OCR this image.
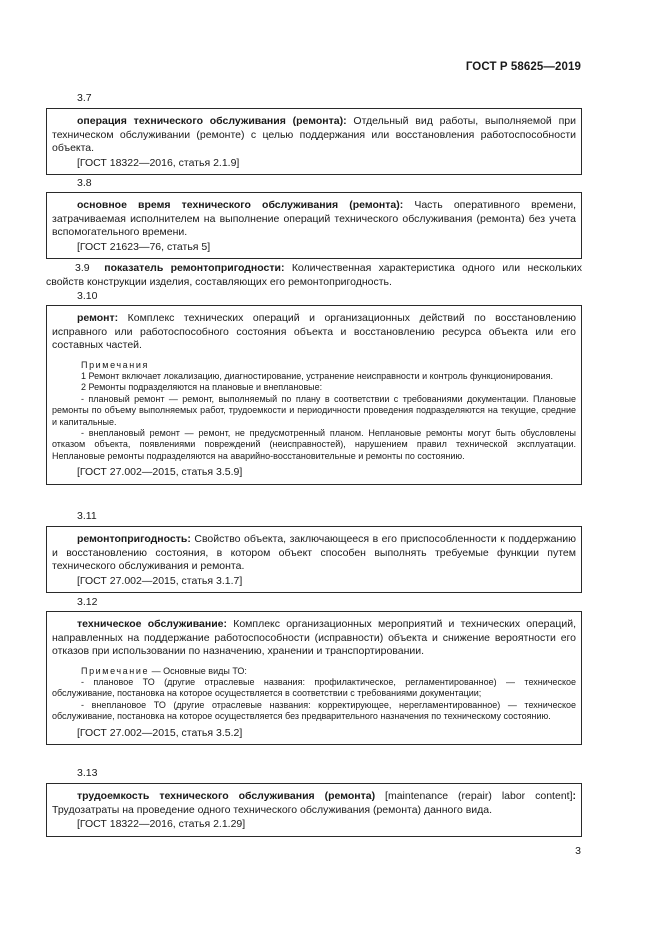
ГОСТ Р 58625—2019
3.7

операция технического обслуживания (ремонта): Отдельный вид работы, выполняемой при техническом обслуживании (ремонте) с целью поддержания или восстановления работоспособности объекта.

[ГОСТ 18322—2016, статья 2.1.9]

3.8

основное время технического обслуживания (ремонта): Часть оперативного времени, затрачиваемая исполнителем на выполнение операций технического обслуживания (ремонта) без учета вспомогательного времени.

[ГОСТ 21623—76, статья 5]

3.9 показатель ремонтопригодности: Количественная характеристика одного или нескольких свойств конструкции изделия, составляющих его ремонтопригодность.

3.10

ремонт: Комплекс технических операций и организационных действий по восстановлению исправного или работоспособного состояния объекта и восстановлению ресурса объекта или его составных частей.

Примечания

1 Ремонт включает локализацию, диагностирование, устранение неисправности и контроль функционирования.

2 Ремонты подразделяются на плановые и внеплановые:

- плановый ремонт — ремонт, выполняемый по плану в соответствии с требованиями документации. Плановые ремонты по объему выполняемых работ, трудоемкости и периодичности проведения подразделяются на текущие, средние и капитальные.

- внеплановый ремонт — ремонт, не предусмотренный планом. Неплановые ремонты могут быть обусловлены отказом объекта, появлениями повреждений (неисправностей), нарушением правил технической эксплуатации. Неплановые ремонты подразделяются на аварийно-восстановительные и ремонты по состоянию.

[ГОСТ 27.002—2015, статья 3.5.9]

3.11

ремонтопригодность: Свойство объекта, заключающееся в его приспособленности к поддержанию и восстановлению состояния, в котором объект способен выполнять требуемые функции путем технического обслуживания и ремонта.

[ГОСТ 27.002—2015, статья 3.1.7]

3.12

техническое обслуживание: Комплекс организационных мероприятий и технических операций, направленных на поддержание работоспособности (исправности) объекта и снижение вероятности его отказов при использовании по назначению, хранении и транспортировании.

Примечание — Основные виды ТО:

- плановое ТО (другие отраслевые названия: профилактическое, регламентированное) — техническое обслуживание, постановка на которое осуществляется в соответствии с требованиями документации;

- внеплановое ТО (другие отраслевые названия: корректирующее, нерегламентированное) — техническое обслуживание, постановка на которое осуществляется без предварительного назначения по техническому состоянию.

[ГОСТ 27.002—2015, статья 3.5.2]

3.13

трудоемкость технического обслуживания (ремонта) [maintenance (repair) labor content]: Трудозатраты на проведение одного технического обслуживания (ремонта) данного вида.

[ГОСТ 18322—2016, статья 2.1.29]

3
